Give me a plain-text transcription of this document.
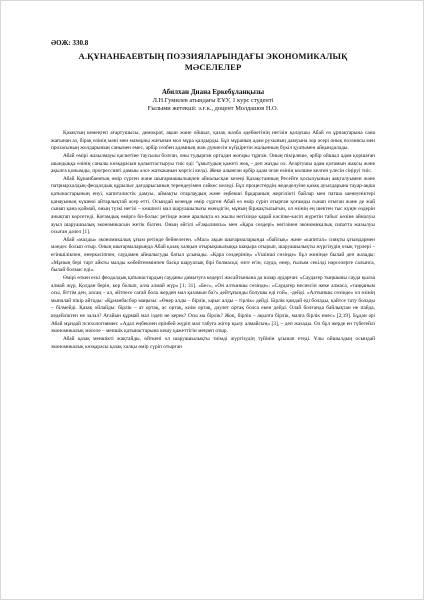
ӘОЖ: 330.8

А.ҚҰНАНБАЕВТЫҢ ПОЭЗИЯЛАРЫНДАҒЫ ЭКОНОМИКАЛЫҚ
МӘСЕЛЕЛЕР

Абилхан Диана Еркебұланқызы

Л.Н.Гумилев атындағы ЕҰУ, 1 курс студенті

Ғылыми жетекші: э.ғ.к., доцент Молдашов Н.О.

Қазақтың кемеңгеп ағартушысы, демократ, ақын және ойшыл, қазақ жазба әдебиетінің негізін қалаушы Абай өз ұрпақтарына сана жағынан аз, бірақ өзінің мәні мен мазмұны жағынан мол мұра қалдырды. Бұл мұраның адам рухының дамуына зор әсері онық поэзиясы мен прозасының жолдарының санымен емес, әрбір сөзбен адамның жан дүниесін күйдіретін жалынның бүкіл қуатымен айқындалады.

Абай өмірі жазылмауы қасиетіне таусылы болған, оны тудырған ортадан жоғары тұрған. Оның пікірлеше, әрбір ойшыл адам қоршаған шындыққа өзінің саналы көзқарасын қалыптастыруы тиіс еді: "ұмытудың қажеті жоқ, - деп жазды ол. Ағартушы адам қоғамын жақсы және ақылға қонымды, прогрессивті дамыы әлсе жаткаынын көргісі келді. Жеке алынған әрбір адам оған өзінің көлшне келген үлесін сіңіруі тиіс.

Абай Құнанбаевтың өмір сүрген және шығармашылықпен айналысқан кезеңі Қазақстанның Ресейге қосылуының аяқталуымен және патриархалдық-феодалдық құрылыс дағдарысының терендеуімен сәйкес келеді. Бұл процестердің жедеделуіне қазақ ауылдарына тауар-ақша қатынастарының енуі, капиталистік дамуы, аймақты отарлаудың және еңбекші бұқараның жергілікті байлар мен патша шенеуніктері қанауының күшеюі айтарлықтай әсер етті. Осындай кезеңде өмір сүрген Абай өз өмір сүріп отырған қоғамды сынап отыған және де жай сынап қана қоймай, оның түзкі негізі – көшпелі мал шаруашылығы екендігін, мұның біржақтылығын, ол өзінің ең шектен тыс күңін өздерін анықтап көрсетеді. Коғамдық өміргә би-болыс ретінде және аралықта өз жылы негізінде қарай кәсіпке-кәсіп жүретін табыс көзіне айналуы ауыл шаруашылық экономикасын жетік білген. Оның әйгілі «Ғақылиясы» мен «Қара сөздері» негізінен экономикалық сипатта жазылуы осыған дәлел [1].

Абай «малды» экономикалық ұғым ретінде бейнелеген. «Мал» ақын шығармаларында «байлық» және «капитал» сияқты ұғымдармен мәндес болып отыр. Оның шығармаларында Абай қазақ халқын отырықшылыққа шақыра отырып, шаруашылықты жүргізудің озық түрлері – егіншілікпен, өнеркәсіппен, саудамен айналысуды батыл ұсынады. «Қара сөздерінің» «Үшінші сөзінде» бұл жөнінде былай деп жазады: «Мұның бері тарт айкты малды көбейтеммінпен басқа шаруалық бірі болмасқа; өзге егін, сауда, өнер, ғылым секілді нәрселерге салынса, былай болмас еді».

Өмірі өткен ескі феодалдық қатынастардың сауданы дамытуға кедергі жасайтынына да назар аударған: «Саудагер тыңшыны сауда қылза алмай жүр, Қолдан берін, кор болып, алза алмай жүр» [1; 31]. «Бес», «Он алтыншы сөзінде»: «Саудагер несиесін жеке алмаса, «таңқаным осы, біттім ден, алсаң – ал, әйтпесе сағай бола жерден мал қазамын ба?» дейтұғынды болушы еді ғой», -дейді. «Алтыншы сөзінде» ол өзінің мыналай пікір айтады: «Құнанбасбор маңызы: «Өнер алды – бірлік, ырыс алды – тірлік» дейді. Бірлік қандай еді болады, қайтсе тату болады – білмейді. Қазақ ойлайды: бірлік – ат ортақ, ас ортақ, киім ортақ, дәулет ортақ болса екен дейді. Олай болғанда байлықтан не пайда, кедейліктен не залал? Ағайын құрмай мал іздеп не керек? Осы ма бірлік? Жоқ, бірлік – ақылға бірлік, малға бірлік емес» [2;19]. Бұдан әрі Абай мұндай психологиямен: «Адал еңбекпен ерінбей жүріп мал табуға жігер қылу алмайсың» [3], – деп жазады. Ол бұл жерде ен түбегейлі экономикалық мәселе – меншік қатынастарына кешу қажеттігін меңзеп отыр.

Абай қазақ меншікті жақтайды, өйткені ол шаруашылықты тиімді жүргізудің түйінін ұсынап етеді. Ұлы ойшылдың осындай экономикалық көзқарасы қазақ халқы өмір сүріп отырған
